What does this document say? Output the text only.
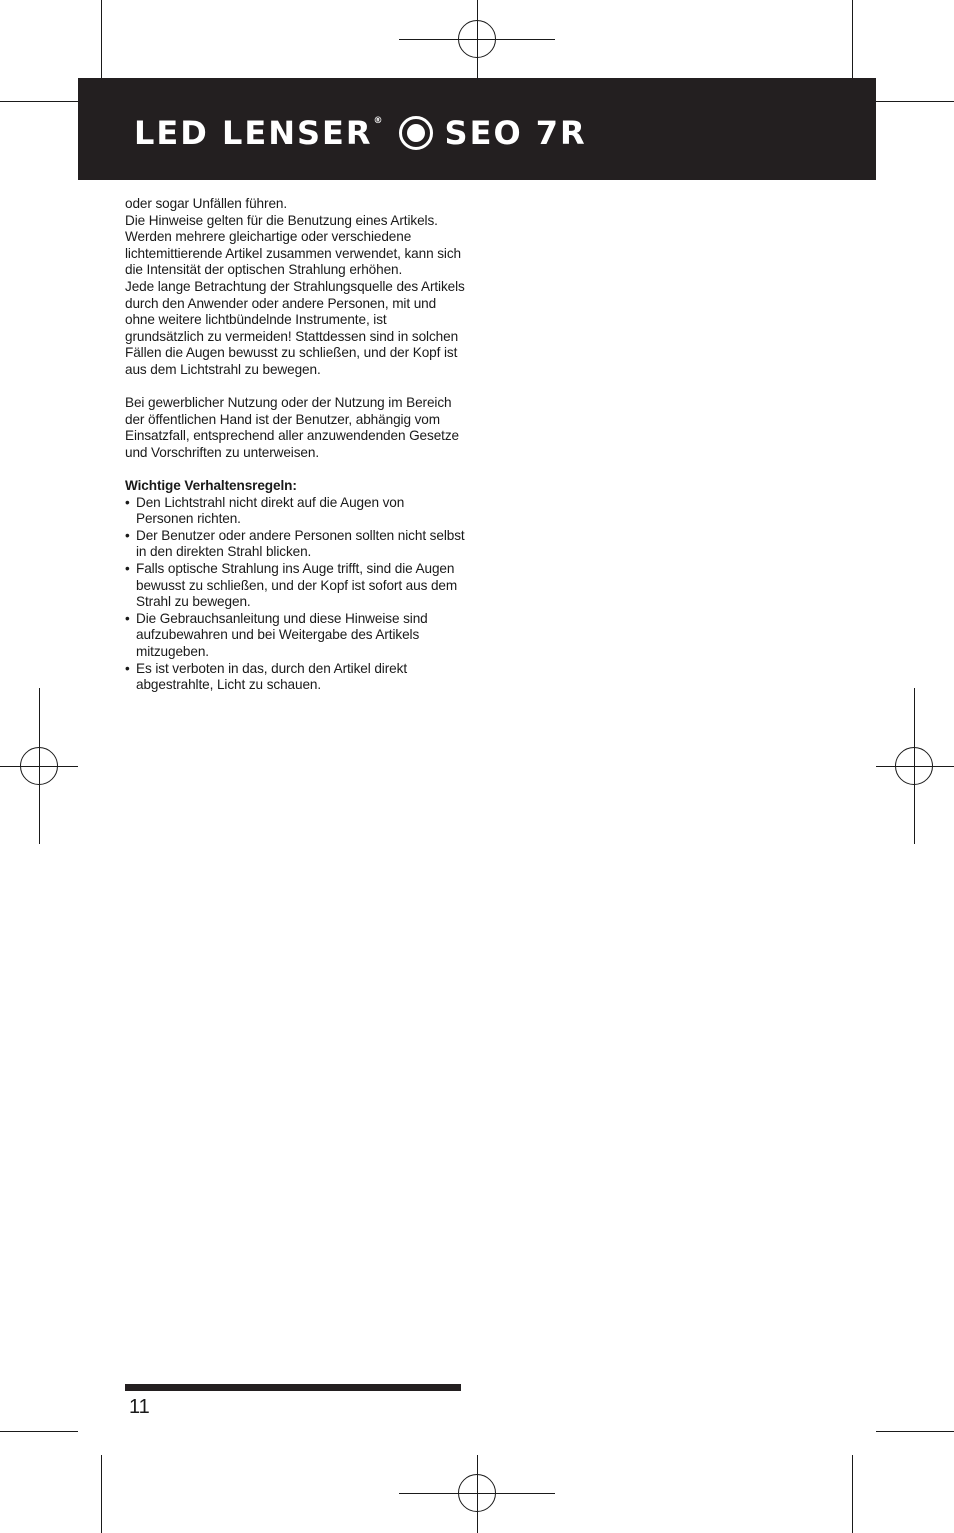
LED LENSER ® SEO 7R

oder sogar Unfällen führen.

Die Hinweise gelten für die Benutzung eines Artikels. Werden mehrere gleichartige oder verschiedene lichtemittierende Artikel zusammen verwendet, kann sich die Intensität der optischen Strahlung erhöhen.

Jede lange Betrachtung der Strahlungsquelle des Artikels durch den Anwender oder andere Personen, mit und ohne weitere lichtbündelnde Instrumente, ist grundsätzlich zu vermeiden! Stattdessen sind in solchen Fällen die Augen bewusst zu schließen, und der Kopf ist aus dem Lichtstrahl zu bewegen.

Bei gewerblicher Nutzung oder der Nutzung im Bereich der öffentlichen Hand ist der Benutzer, abhängig vom Einsatzfall, entsprechend aller anzuwendenden Gesetze und Vorschriften zu unterweisen.

Wichtige Verhaltensregeln:

• Den Lichtstrahl nicht direkt auf die Augen von Personen richten.
• Der Benutzer oder andere Personen sollten nicht selbst in den direkten Strahl blicken.
• Falls optische Strahlung ins Auge trifft, sind die Augen bewusst zu schließen, und der Kopf ist sofort aus dem Strahl zu bewegen.
• Die Gebrauchsanleitung und diese Hinweise sind aufzubewahren und bei Weitergabe des Artikels mitzugeben.
• Es ist verboten in das, durch den Artikel direkt abgestrahlte, Licht zu schauen.
11
